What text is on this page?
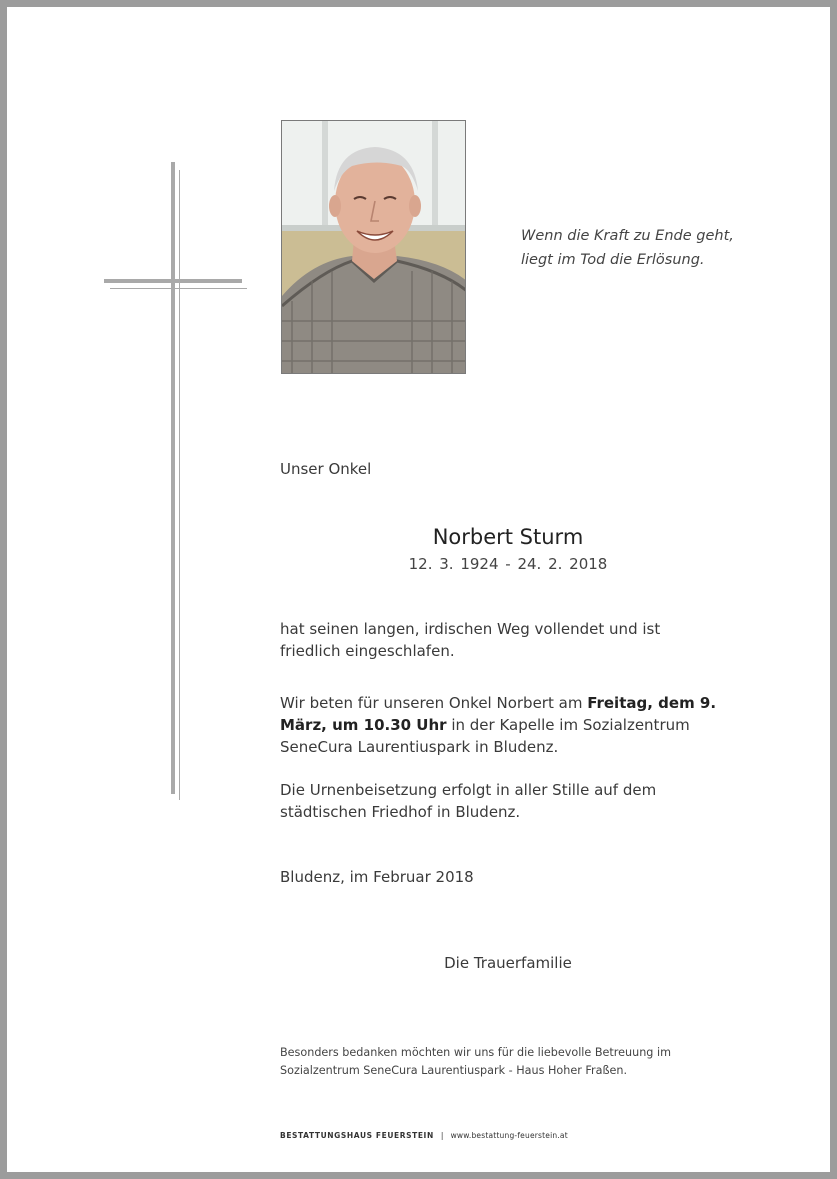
Wenn die Kraft zu Ende geht,
liegt im Tod die Erlösung.
Unser Onkel
Norbert Sturm
12. 3. 1924 - 24. 2. 2018
hat seinen langen, irdischen Weg vollendet und ist friedlich eingeschlafen.
Wir beten für unseren Onkel Norbert am Freitag, dem 9. März, um 10.30 Uhr in der Kapelle im Sozialzentrum SeneCura Laurentiuspark in Bludenz.
Die Urnenbeisetzung erfolgt in aller Stille auf dem städtischen Friedhof in Bludenz.
Bludenz, im Februar 2018
Die Trauerfamilie
Besonders bedanken möchten wir uns für die liebevolle Betreuung im Sozialzentrum SeneCura Laurentiuspark - Haus Hoher Fraßen.
BESTATTUNGSHAUS FEUERSTEIN | www.bestattung-feuerstein.at
